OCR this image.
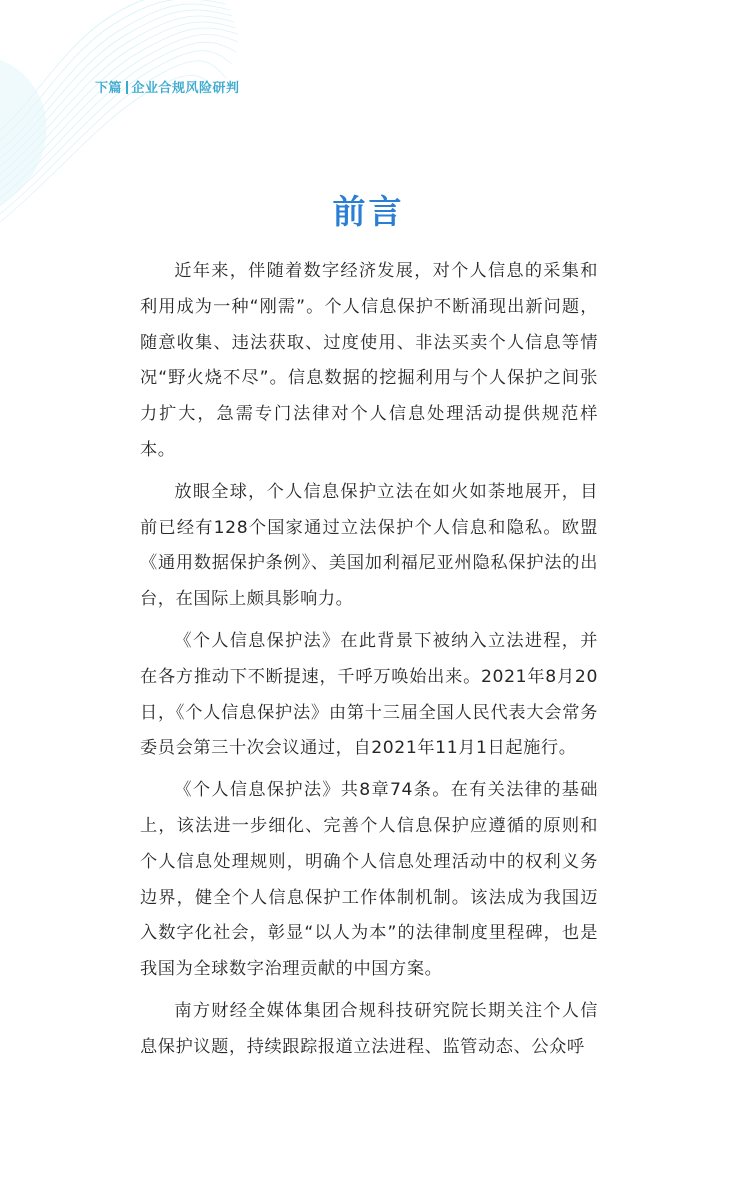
下篇 企业合规风险研判
前言

近年来，伴随着数字经济发展，对个人信息的采集和利用成为一种“刚需”。个人信息保护不断涌现出新问题，随意收集、违法获取、过度使用、非法买卖个人信息等情况“野火烧不尽”。信息数据的挖掘利用与个人保护之间张力扩大，急需专门法律对个人信息处理活动提供规范样本。

放眼全球，个人信息保护立法在如火如荼地展开，目前已经有128个国家通过立法保护个人信息和隐私。欧盟《通用数据保护条例》、美国加利福尼亚州隐私保护法的出台，在国际上颇具影响力。

《个人信息保护法》在此背景下被纳入立法进程，并在各方推动下不断提速，千呼万唤始出来。2021年8月20日，《个人信息保护法》由第十三届全国人民代表大会常务委员会第三十次会议通过，自2021年11月1日起施行。

《个人信息保护法》共8章74条。在有关法律的基础上，该法进一步细化、完善个人信息保护应遵循的原则和个人信息处理规则，明确个人信息处理活动中的权利义务边界，健全个人信息保护工作体制机制。该法成为我国迈入数字化社会，彰显“以人为本”的法律制度里程碑，也是我国为全球数字治理贡献的中国方案。

南方财经全媒体集团合规科技研究院长期关注个人信息保护议题，持续跟踪报道立法进程、监管动态、公众呼
